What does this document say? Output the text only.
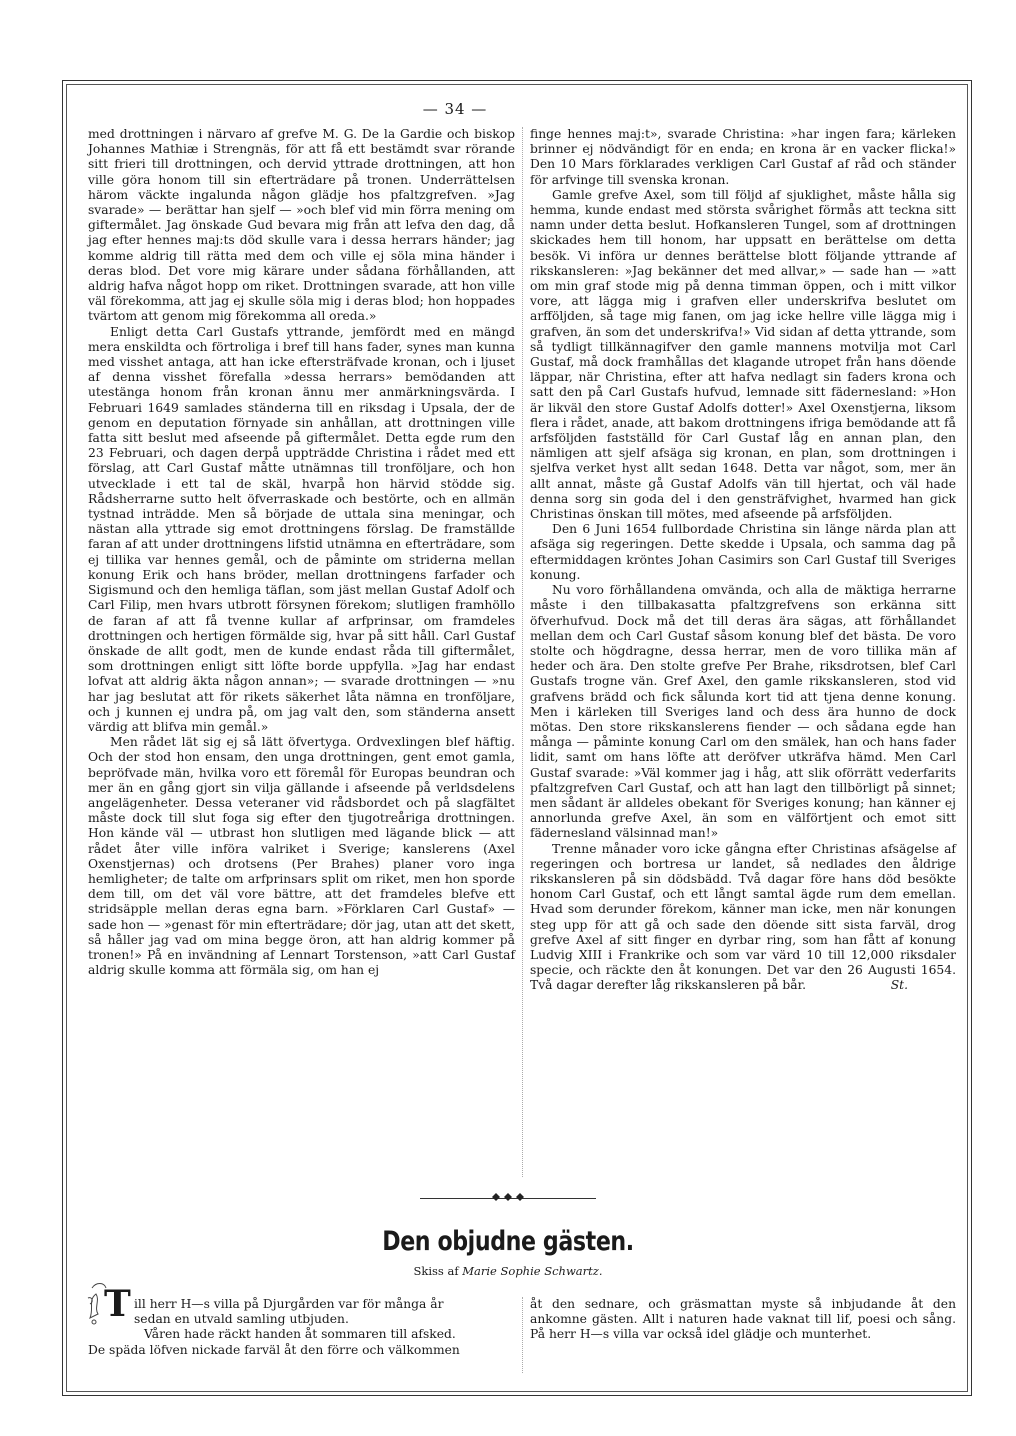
— 34 —

med drottningen i närvaro af grefve M. G. De la Gardie och biskop Johannes Mathiæ i Strengnäs, för att få ett bestämdt svar rörande sitt frieri till drottningen, och dervid yttrade drottningen, att hon ville göra honom till sin efterträdare på tronen. Underrättelsen härom väckte ingalunda någon glädje hos pfaltzgrefven. »Jag svarade» — berättar han sjelf — »och blef vid min förra mening om giftermålet. Jag önskade Gud bevara mig från att lefva den dag, då jag efter hennes maj:ts död skulle vara i dessa herrars händer; jag komme aldrig till rätta med dem och ville ej söla mina händer i deras blod. Det vore mig kärare under sådana förhållanden, att aldrig hafva något hopp om riket. Drottningen svarade, att hon ville väl förekomma, att jag ej skulle söla mig i deras blod; hon hoppades tvärtom att genom mig förekomma all oreda.»

Enligt detta Carl Gustafs yttrande, jemfördt med en mängd mera enskildta och förtroliga i bref till hans fader, synes man kunna med visshet antaga, att han icke eftersträfvade kronan, och i ljuset af denna visshet förefalla »dessa herrars» bemödanden att utestänga honom från kronan ännu mer anmärkningsvärda. I Februari 1649 samlades ständerna till en riksdag i Upsala, der de genom en deputation förnyade sin anhållan, att drottningen ville fatta sitt beslut med afseende på giftermålet. Detta egde rum den 23 Februari, och dagen derpå uppträdde Christina i rådet med ett förslag, att Carl Gustaf måtte utnämnas till tronföljare, och hon utvecklade i ett tal de skäl, hvarpå hon härvid stödde sig. Rådsherrarne sutto helt öfverraskade och bestörte, och en allmän tystnad inträdde. Men så började de uttala sina meningar, och nästan alla yttrade sig emot drottningens förslag. De framställde faran af att under drottningens lifstid utnämna en efterträdare, som ej tillika var hennes gemål, och de påminte om striderna mellan konung Erik och hans bröder, mellan drottningens farfader och Sigismund och den hemliga täflan, som jäst mellan Gustaf Adolf och Carl Filip, men hvars utbrott försynen förekom; slutligen framhöllo de faran af att få tvenne kullar af arfprinsar, om framdeles drottningen och hertigen förmälde sig, hvar på sitt håll. Carl Gustaf önskade de allt godt, men de kunde endast råda till giftermålet, som drottningen enligt sitt löfte borde uppfylla. »Jag har endast lofvat att aldrig äkta någon annan»; — svarade drottningen — »nu har jag beslutat att för rikets säkerhet låta nämna en tronföljare, och j kunnen ej undra på, om jag valt den, som ständerna ansett värdig att blifva min gemål.»

Men rådet lät sig ej så lätt öfvertyga. Ordvexlingen blef häftig. Och der stod hon ensam, den unga drottningen, gent emot gamla, bepröfvade män, hvilka voro ett föremål för Europas beundran och mer än en gång gjort sin vilja gällande i afseende på verldsdelens angelägenheter. Dessa veteraner vid rådsbordet och på slagfältet måste dock till slut foga sig efter den tjugotreåriga drottningen. Hon kände väl — utbrast hon slutligen med lägande blick — att rådet åter ville införa valriket i Sverige; kanslerens (Axel Oxenstjernas) och drotsens (Per Brahes) planer voro inga hemligheter; de talte om arfprinsars split om riket, men hon sporde dem till, om det väl vore bättre, att det framdeles blefve ett stridsäpple mellan deras egna barn. »Förklaren Carl Gustaf» — sade hon — »genast för min efterträdare; dör jag, utan att det skett, så håller jag vad om mina begge öron, att han aldrig kommer på tronen!» På en invändning af Lennart Torstenson, »att Carl Gustaf aldrig skulle komma att förmäla sig, om han ej

finge hennes maj:t», svarade Christina: »har ingen fara; kärleken brinner ej nödvändigt för en enda; en krona är en vacker flicka!» Den 10 Mars förklarades verkligen Carl Gustaf af råd och ständer för arfvinge till svenska kronan.

Gamle grefve Axel, som till följd af sjuklighet, måste hålla sig hemma, kunde endast med största svårighet förmås att teckna sitt namn under detta beslut. Hofkansleren Tungel, som af drottningen skickades hem till honom, har uppsatt en berättelse om detta besök. Vi införa ur dennes berättelse blott följande yttrande af rikskansleren: »Jag bekänner det med allvar,» — sade han — »att om min graf stode mig på denna timman öppen, och i mitt vilkor vore, att lägga mig i grafven eller underskrifva beslutet om arfföljden, så tage mig fanen, om jag icke hellre ville lägga mig i grafven, än som det underskrifva!» Vid sidan af detta yttrande, som så tydligt tillkännagifver den gamle mannens motvilja mot Carl Gustaf, må dock framhållas det klagande utropet från hans döende läppar, när Christina, efter att hafva nedlagt sin faders krona och satt den på Carl Gustafs hufvud, lemnade sitt fädernesland: »Hon är likväl den store Gustaf Adolfs dotter!» Axel Oxenstjerna, liksom flera i rådet, anade, att bakom drottningens ifriga bemödande att få arfsföljden fastställd för Carl Gustaf låg en annan plan, den nämligen att sjelf afsäga sig kronan, en plan, som drottningen i sjelfva verket hyst allt sedan 1648. Detta var något, som, mer än allt annat, måste gå Gustaf Adolfs vän till hjertat, och väl hade denna sorg sin goda del i den gensträfvighet, hvarmed han gick Christinas önskan till mötes, med afseende på arfsföljden.

Den 6 Juni 1654 fullbordade Christina sin länge närda plan att afsäga sig regeringen. Dette skedde i Upsala, och samma dag på eftermiddagen kröntes Johan Casimirs son Carl Gustaf till Sveriges konung.

Nu voro förhållandena omvända, och alla de mäktiga herrarne måste i den tillbakasatta pfaltzgrefvens son erkänna sitt öfverhufvud. Dock må det till deras ära sägas, att förhållandet mellan dem och Carl Gustaf såsom konung blef det bästa. De voro stolte och högdragne, dessa herrar, men de voro tillika män af heder och ära. Den stolte grefve Per Brahe, riksdrotsen, blef Carl Gustafs trogne vän. Gref Axel, den gamle rikskansleren, stod vid grafvens brädd och fick sålunda kort tid att tjena denne konung. Men i kärleken till Sveriges land och dess ära hunno de dock mötas. Den store rikskanslerens fiender — och sådana egde han många — påminte konung Carl om den smälek, han och hans fader lidit, samt om hans löfte att deröfver utkräfva hämd. Men Carl Gustaf svarade: »Väl kommer jag i håg, att slik oförrätt vederfarits pfaltzgrefven Carl Gustaf, och att han lagt den tillbörligt på sinnet; men sådant är alldeles obekant för Sveriges konung; han känner ej annorlunda grefve Axel, än som en välförtjent och emot sitt fädernesland välsinnad man!»

Trenne månader voro icke gångna efter Christinas afsägelse af regeringen och bortresa ur landet, så nedlades den åldrige rikskansleren på sin dödsbädd. Två dagar före hans död besökte honom Carl Gustaf, och ett långt samtal ägde rum dem emellan. Hvad som derunder förekom, känner man icke, men när konungen steg upp för att gå och sade den döende sitt sista farväl, drog grefve Axel af sitt finger en dyrbar ring, som han fått af konung Ludvig XIII i Frankrike och som var värd 10 till 12,000 riksdaler specie, och räckte den åt konungen. Det var den 26 Augusti 1654. Två dagar derefter låg rikskansleren på bår.	St.

Den objudne gästen.
Skiss af Marie Sophie Schwartz.
T ill herr H—s villa på Djurgården var för många år
sedan en utvald samling utbjuden.
Våren hade räckt handen åt sommaren till afsked.
De späda löfven nickade farväl åt den förre och välkommen

åt den sednare, och gräsmattan myste så inbjudande åt den ankomne gästen. Allt i naturen hade vaknat till lif, poesi och sång. På herr H—s villa var också idel glädje och munterhet.
